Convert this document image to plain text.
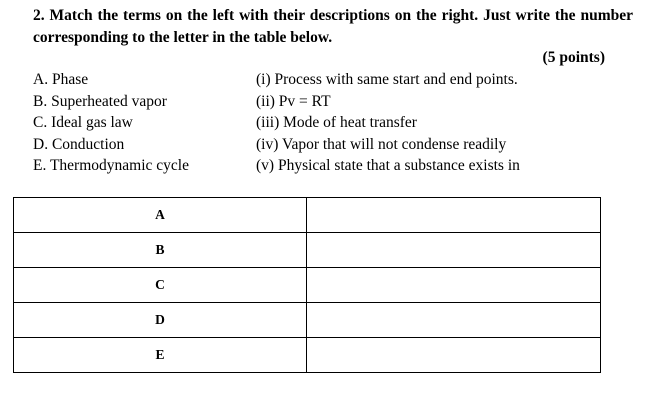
2. Match the terms on the left with their descriptions on the right. Just write the number corresponding to the letter in the table below.
(5 points)
A. Phase
B. Superheated vapor
C. Ideal gas law
D. Conduction
E. Thermodynamic cycle
(i) Process with same start and end points.
(ii) Pv = RT
(iii) Mode of heat transfer
(iv) Vapor that will not condense readily
(v) Physical state that a substance exists in
A	
B	
C	
D	
E	
